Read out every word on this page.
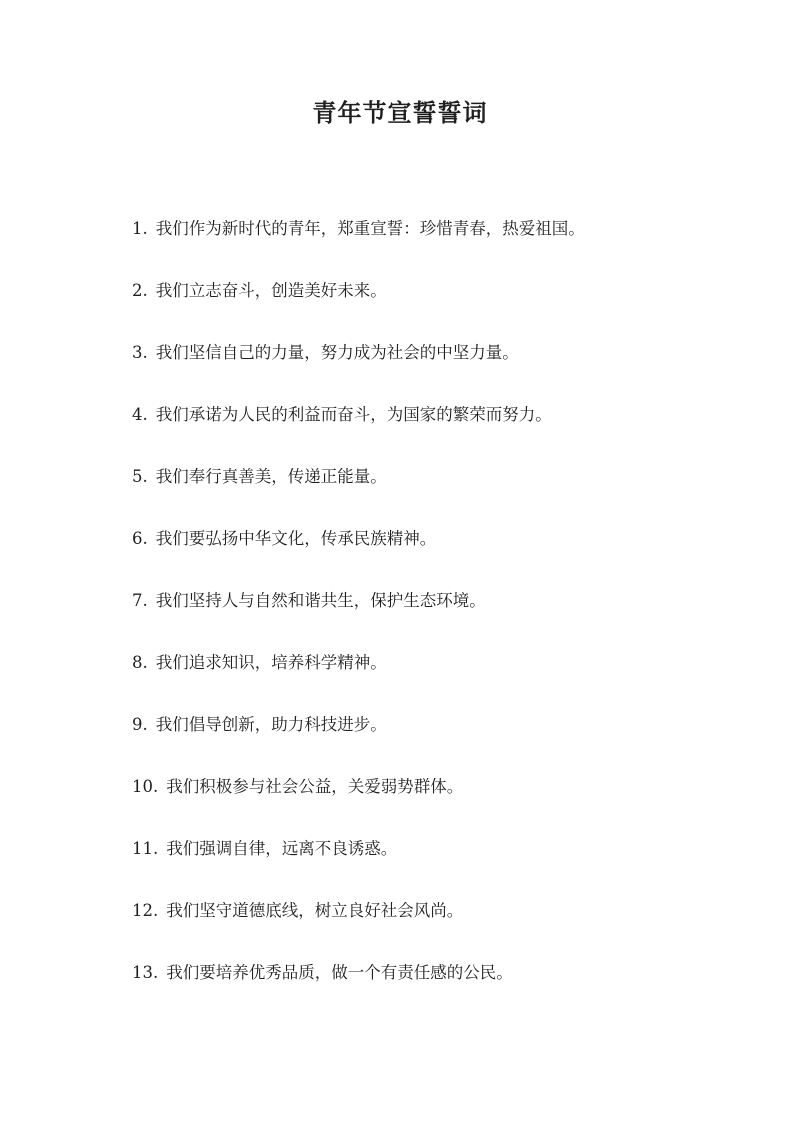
青年节宣誓誓词
1. 我们作为新时代的青年，郑重宣誓：珍惜青春，热爱祖国。
2. 我们立志奋斗，创造美好未来。
3. 我们坚信自己的力量，努力成为社会的中坚力量。
4. 我们承诺为人民的利益而奋斗，为国家的繁荣而努力。
5. 我们奉行真善美，传递正能量。
6. 我们要弘扬中华文化，传承民族精神。
7. 我们坚持人与自然和谐共生，保护生态环境。
8. 我们追求知识，培养科学精神。
9. 我们倡导创新，助力科技进步。
10. 我们积极参与社会公益，关爱弱势群体。
11. 我们强调自律，远离不良诱惑。
12. 我们坚守道德底线，树立良好社会风尚。
13. 我们要培养优秀品质，做一个有责任感的公民。
